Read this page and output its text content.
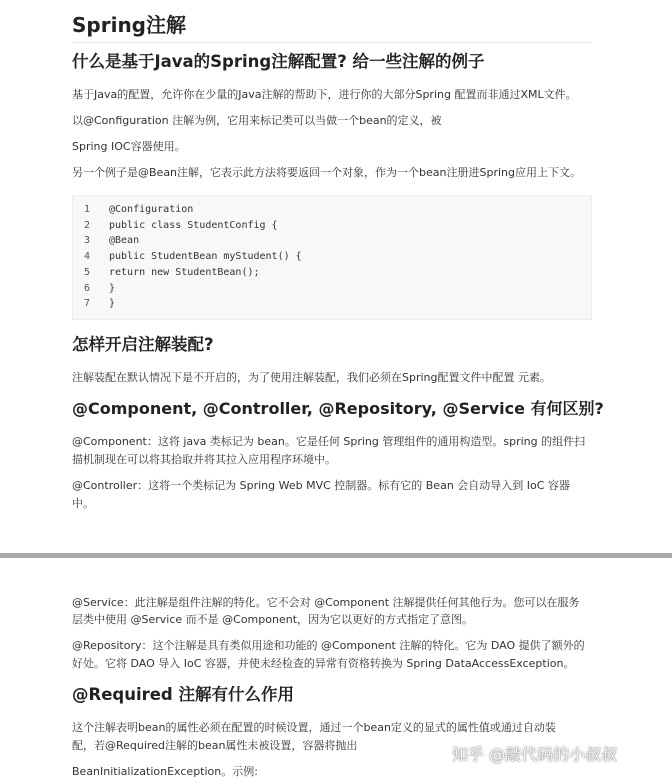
Spring注解
什么是基于Java的Spring注解配置? 给一些注解的例子

基于Java的配置，允许你在少量的Java注解的帮助下，进行你的大部分Spring 配置而非通过XML文件。

以@Configuration 注解为例，它用来标记类可以当做一个bean的定义，被

Spring IOC容器使用。

另一个例子是@Bean注解，它表示此方法将要返回一个对象，作为一个bean注册进Spring应用上下文。

1	@Configuration
2	public class StudentConfig {
3	@Bean
4	public StudentBean myStudent() {
5	return new StudentBean();
6	}
7	}
怎样开启注解装配?

注解装配在默认情况下是不开启的，为了使用注解装配，我们必须在Spring配置文件中配置 元素。

@Component, @Controller, @Repository, @Service 有何区别?

@Component：这将 java 类标记为 bean。它是任何 Spring 管理组件的通用构造型。spring 的组件扫

描机制现在可以将其拾取并将其拉入应用程序环境中。

@Controller：这将一个类标记为 Spring Web MVC 控制器。标有它的 Bean 会自动导入到 IoC 容器

中。

@Service：此注解是组件注解的特化。它不会对 @Component 注解提供任何其他行为。您可以在服务

层类中使用 @Service 而不是 @Component，因为它以更好的方式指定了意图。

@Repository：这个注解是具有类似用途和功能的 @Component 注解的特化。它为 DAO 提供了额外的

好处。它将 DAO 导入 IoC 容器，并使未经检查的异常有资格转换为 Spring DataAccessException。

@Required 注解有什么作用

这个注解表明bean的属性必须在配置的时候设置，通过一个bean定义的显式的属性值或通过自动装

配，若@Required注解的bean属性未被设置，容器将抛出

BeanInitializationException。示例:

知乎 @敲代码的小叔叔
